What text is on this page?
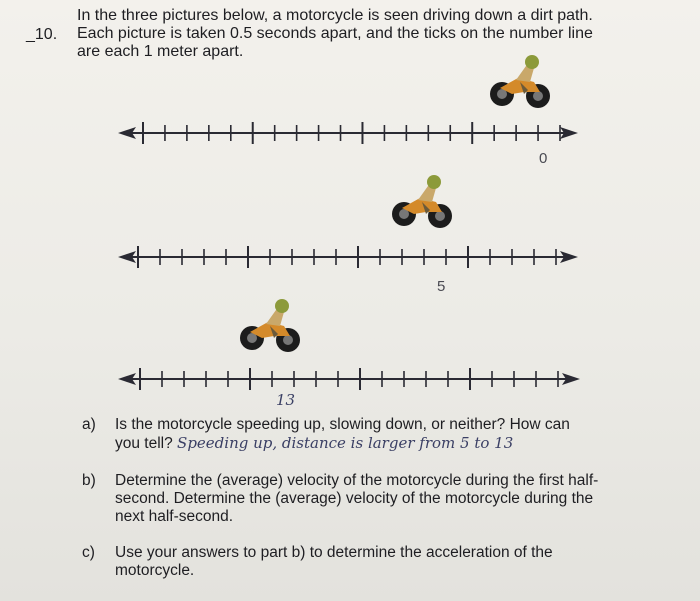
_10.
In the three pictures below, a motorcycle is seen driving down a dirt path.
Each picture is taken 0.5 seconds apart, and the ticks on the number line
are each 1 meter apart.
0
5
13
a) Is the motorcycle speeding up, slowing down, or neither? How can
you tell? Speeding up, distance is larger from 5 to 13
b) Determine the (average) velocity of the motorcycle during the first half-
second. Determine the (average) velocity of the motorcycle during the
next half-second.
c) Use your answers to part b) to determine the acceleration of the
motorcycle.
